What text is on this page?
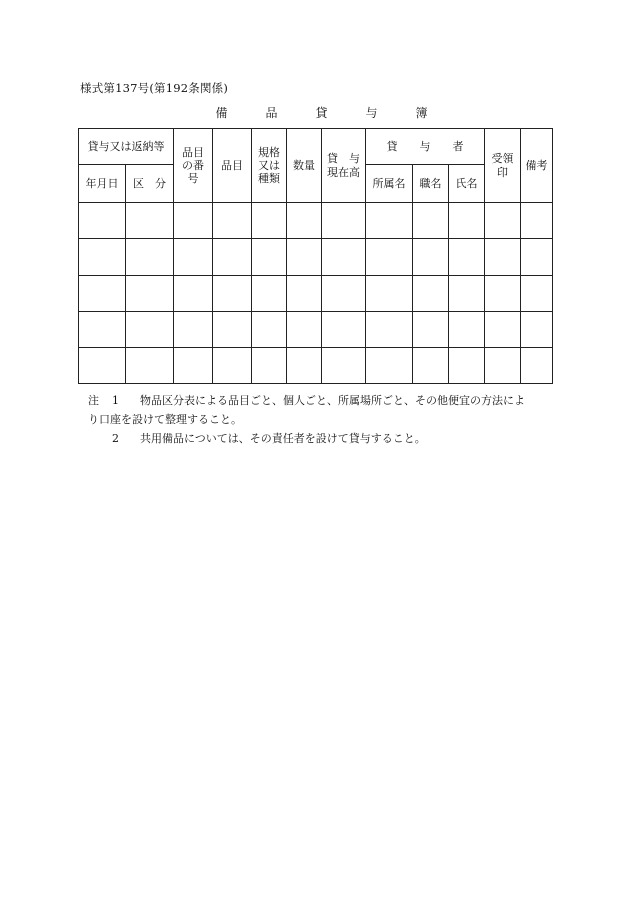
様式第137号(第192条関係)
備　品　貸　与　簿
貸与又は返納等		品目の番 号	品目	規格又は種類	数量	貸　与現在高	貸　　与　　者			受領印	備考
年月日	区　分						所属名	職名	氏名		

注	1	物品区分表による品目ごと、個人ごと、所属場所ごと、その他便宜の方法によ
り口座を設けて整理すること。
2	共用備品については、その責任者を設けて貸与すること。
